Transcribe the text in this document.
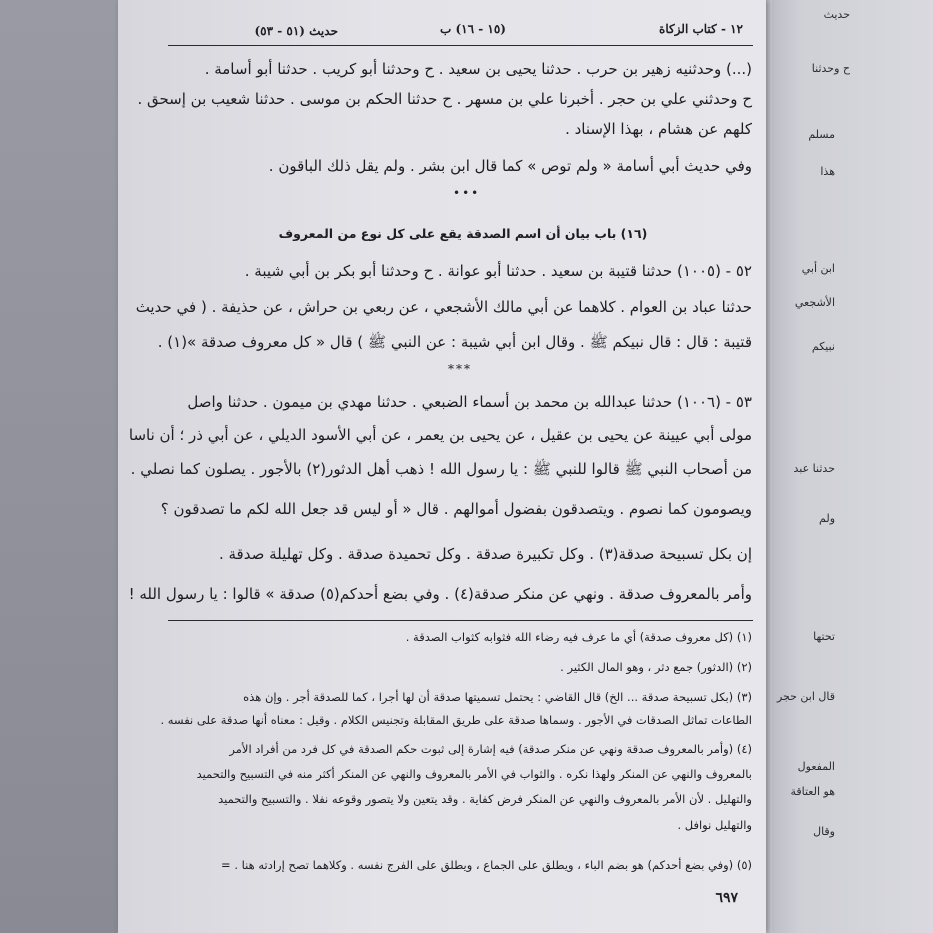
حديث (٥١ - ٥٣)	(١٥ - ١٦) ب	١٢ - كتاب الزكاة
(...) وحدثنيه زهير بن حرب . حدثنا يحيى بن سعيد . ح وحدثنا أبو كريب . حدثنا أبو أسامة .
ح وحدثني علي بن حجر . أخبرنا علي بن مسهر . ح حدثنا الحكم بن موسى . حدثنا شعيب بن إسحق .
كلهم عن هشام ، بهذا الإسناد .
وفي حديث أبي أسامة « ولم توص » كما قال ابن بشر . ولم يقل ذلك الباقون .
•••
(١٦) باب بيان أن اسم الصدقة يقع على كل نوع من المعروف
٥٢ - (١٠٠٥) حدثنا قتيبة بن سعيد . حدثنا أبو عوانة . ح وحدثنا أبو بكر بن أبي شيبة .
حدثنا عباد بن العوام . كلاهما عن أبي مالك الأشجعي ، عن ربعي بن حراش ، عن حذيفة . ( في حديث
قتيبة : قال : قال نبيكم ﷺ . وقال ابن أبي شيبة : عن النبي ﷺ ) قال « كل معروف صدقة »(١) .
***
٥٣ - (١٠٠٦) حدثنا عبدالله بن محمد بن أسماء الضبعي . حدثنا مهدي بن ميمون . حدثنا واصل
مولى أبي عيينة عن يحيى بن عقيل ، عن يحيى بن يعمر ، عن أبي الأسود الديلي ، عن أبي ذر ؛ أن ناسا
من أصحاب النبي ﷺ قالوا للنبي ﷺ : يا رسول الله ! ذهب أهل الدثور(٢) بالأجور . يصلون كما نصلي .
ويصومون كما نصوم . ويتصدقون بفضول أموالهم . قال « أو ليس قد جعل الله لكم ما تصدقون ؟
إن بكل تسبيحة صدقة(٣) . وكل تكبيرة صدقة . وكل تحميدة صدقة . وكل تهليلة صدقة .
وأمر بالمعروف صدقة . ونهي عن منكر صدقة(٤) . وفي بضع أحدكم(٥) صدقة » قالوا : يا رسول الله !
(١) (كل معروف صدقة) أي ما عرف فيه رضاء الله فثوابه كثواب الصدقة .
(٢) (الدثور) جمع دثر ، وهو المال الكثير .
(٣) (بكل تسبيحة صدقة ... الخ) قال القاضي : يحتمل تسميتها صدقة أن لها أجرا ، كما للصدقة أجر . وإن هذه
الطاعات تماثل الصدقات في الأجور . وسماها صدقة على طريق المقابلة وتجنيس الكلام . وقيل : معناه أنها صدقة على نفسه .
(٤) (وأمر بالمعروف صدقة ونهي عن منكر صدقة) فيه إشارة إلى ثبوت حكم الصدقة في كل فرد من أفراد الأمر
بالمعروف والنهي عن المنكر ولهذا نكره . والثواب في الأمر بالمعروف والنهي عن المنكر أكثر منه في التسبيح والتحميد
والتهليل . لأن الأمر بالمعروف والنهي عن المنكر فرض كفاية . وقد يتعين ولا يتصور وقوعه نفلا . والتسبيح والتحميد
والتهليل نوافل .
(٥) (وفي بضع أحدكم) هو بضم الباء ، ويطلق على الجماع ، ويطلق على الفرج نفسه . وكلاهما تصح إرادته هنا . =
٦٩٧
حديث
ح وحدثنا
مسلم
هذا
ابن أبي
الأشجعي
نبيكم
حدثنا عبد
ولم
تحتها
قال ابن حجر
المفعول
هو العتاقة
وقال
